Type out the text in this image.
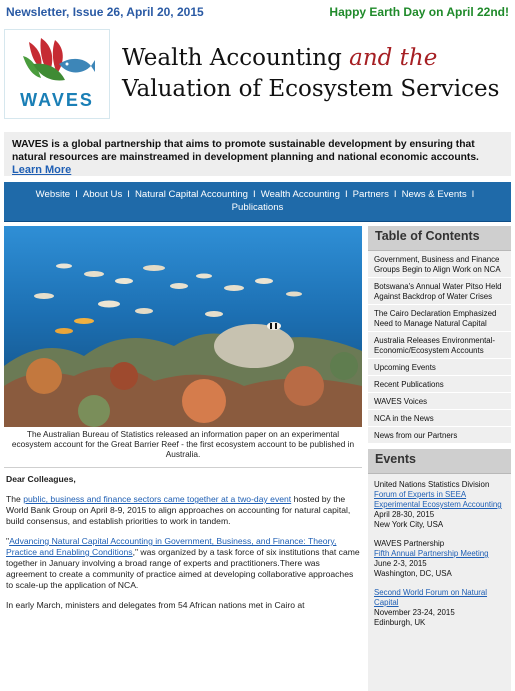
Newsletter, Issue 26, April 20, 2015	Happy Earth Day on April 22nd!
WAVES
Wealth Accounting and the
Valuation of Ecosystem Services
WAVES is a global partnership that aims to promote sustainable development by ensuring that natural resources are mainstreamed in development planning and national economic accounts. Learn More
Website I About Us I Natural Capital Accounting I Wealth Accounting I Partners I News & Events I
Publications
The Australian Bureau of Statistics released an information paper on an experimental ecosystem account for the Great Barrier Reef - the first ecosystem account to be published in Australia.

Dear Colleagues,

The public, business and finance sectors came together at a two-day event hosted by the World Bank Group on April 8-9, 2015 to align approaches on accounting for natural capital, build consensus, and establish priorities to work in tandem.

"Advancing Natural Capital Accounting in Government, Business, and Finance: Theory, Practice and Enabling Conditions," was organized by a task force of six institutions that came together in January involving a broad range of experts and practitioners.There was agreement to create a community of practice aimed at developing collaborative approaches to scale-up the application of NCA.

In early March, ministers and delegates from 54 African nations met in Cairo at

Table of Contents
Government, Business and Finance Groups Begin to Align Work on NCA
Botswana's Annual Water Pitso Held Against Backdrop of Water Crises
The Cairo Declaration Emphasized Need to Manage Natural Capital
Australia Releases Environmental-Economic/Ecosystem Accounts
Upcoming Events
Recent Publications
WAVES Voices
NCA in the News
News from our Partners
Events
United Nations Statistics Division
Forum of Experts in SEEA Experimental Ecosystem Accounting
April 28-30, 2015
New York City, USA
WAVES Partnership
Fifth Annual Partnership Meeting
June 2-3, 2015
Washington, DC, USA
Second World Forum on Natural Capital
November 23-24, 2015
Edinburgh, UK
